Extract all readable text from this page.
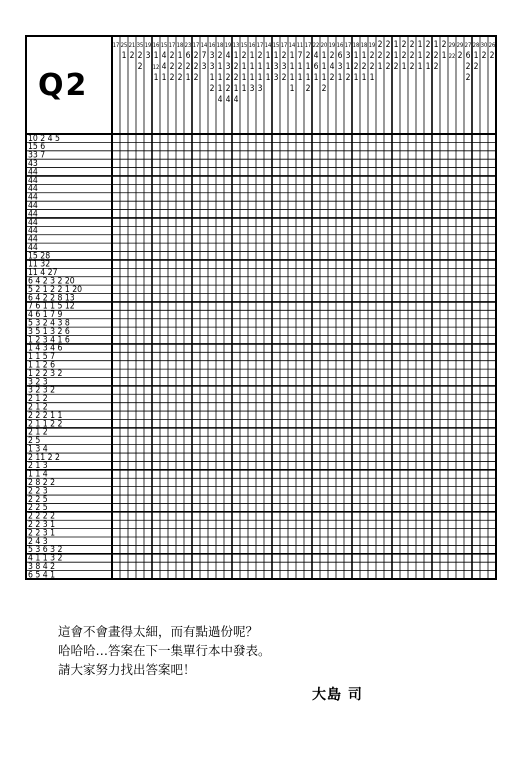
17 25
1
21
2
35
2
2
19
3
16
1
12
1
15
4
4
1
17
2
2
2
18
1
2
2
23
6
2
1
17
2
2
2
14
7
3
16
3
3
1
2
18
2
1
1
1
4
19
4
3
2
2
4
13
1
2
2
1
4
15
2
1
1
1
16
1
1
1
3
17
2
1
1
3
14
1
1
1
15
1
3
3
17
2
3
2
14
1
1
1
1
11
7
1
1
17
2
1
1
2
22
4
6
1
20
1
1
1
2
19
2
4
2
16
6
3
1
17
3
1
2
18
1
2
1
18
1
2
1
19
2
2
1
2
2
1
2
2
2
1
1
2
2
2
1
2
2
2
1
1
1
2
2
1
1
2
2
2
1
29
22
29
2
27
6
2
2
28
1
2
30
2
26
2
10 2 4 5
15 6
33 7
43
44
44
44
44
44
44
44
44
44
44
15 28
11 32
11 4 27
6 4 2 3 2 20
5 2 1 2 2 1 20
6 4 2 2 8 13
7 6 1 1 5 12
4 6 1 7 9
5 3 2 4 3 8
3 5 1 3 2 6
1 2 3 4 1 6
1 4 3 4 6
1 1 5 7
1 1 2 6
1 2 2 3 2
3 2 3
3 2 3 2
2 1 2
2 1 2
2 2 2 1 1
2 1 1 2 2
2 1 2
2 5
1 3 4
2 11 2 2
2 1 3
1 1 4
2 8 2 2
2 2 3
2 2 5
2 2 5
2 2 2 2
2 2 3 1
2 2 3 1
2 4 3
5 3 6 3 2
4 1 1 3 2
3 8 4 2
6 5 4 1
Q2
這會不會畫得太細，而有點過份呢？
哈哈哈…答案在下一集單行本中發表。
請大家努力找出答案吧！
大島 司
